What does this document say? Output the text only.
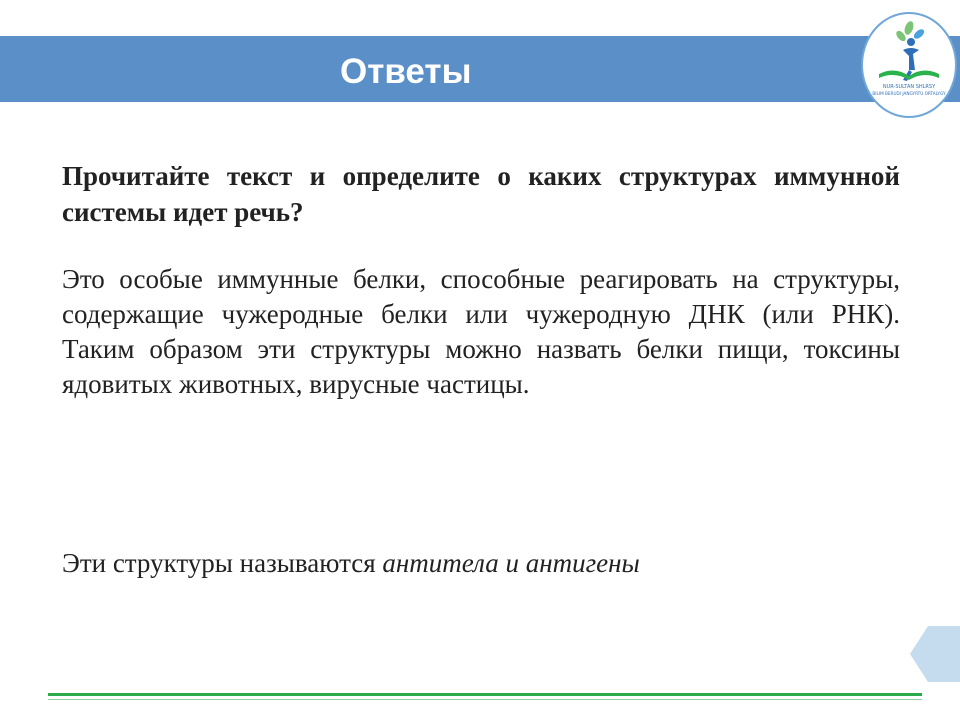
Ответы	NUR-SULTAN SHLRSY
BILIM BERUDI JANGYRTU ORTALYGY
Прочитайте текст и определите о каких структурах иммунной системы идет речь?
Это особые иммунные белки, способные реагировать на структуры, содержащие чужеродные белки или чужеродную ДНК (или РНК). Таким образом эти структуры можно назвать белки пищи, токсины ядовитых животных, вирусные частицы.
Эти структуры называются антитела и антигены
